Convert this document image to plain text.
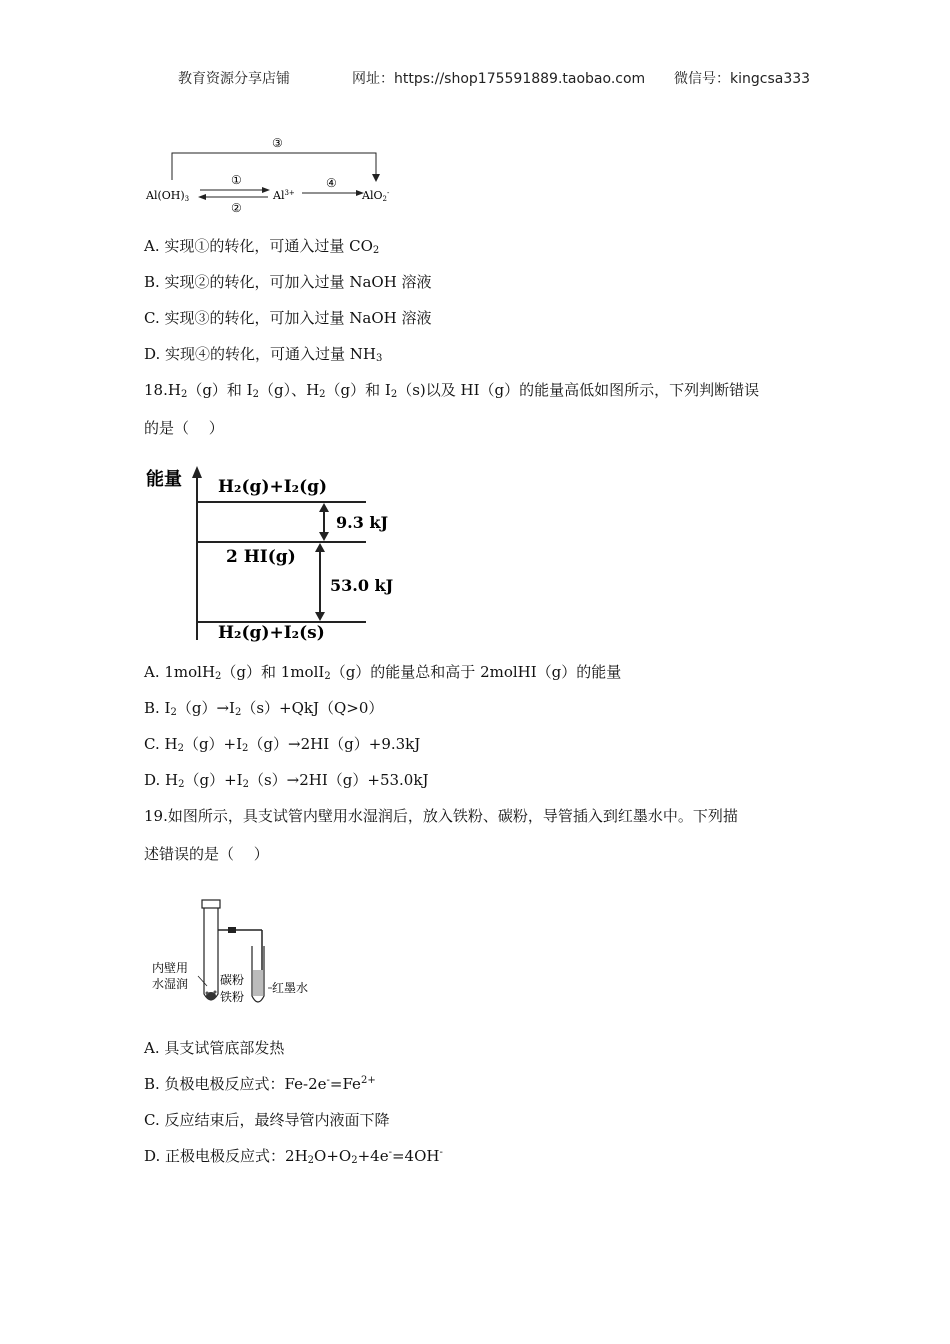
教育资源分享店铺	网址：https://shop175591889.taobao.com 微信号：kingcsa333
③
①
②
④
Al(OH)3	$Al^{3+}$	AlO2-
A. 实现①的转化，可通入过量 $CO_2$
B. 实现②的转化，可加入过量 NaOH 溶液
C. 实现③的转化，可加入过量 NaOH 溶液
D. 实现④的转化，可通入过量 $NH_3$
$18.H_2(g)$和 $I_2(g)$、$H_2(g)$和 $I_2(s)$以及 HI（g）的能量高低如图所示，下列判断错误
的是（　 ）
能量 H₂(g)+I₂(g)
2 HI(g)
H₂(g)+I₂(s)
9.3 kJ
53.0 kJ
A. 1molH$_2$（g）和 1molI$_2$（g）的能量总和高于 2molHI（g）的能量
B. $I_2(g)\to I_2(s)+QkJ(Q>0)$
C. $H_2(g)+I_2(g)\to 2HI(g)+9.3kJ$
D. $H_2(g)+I_2(s)\to 2HI(g)+53.0kJ$
19.如图所示，具支试管内壁用水湿润后，放入铁粉、碳粉，导管插入到红墨水中。下列描
述错误的是（　 ）
内壁用
水湿润	碳粉
铁粉
红墨水
A. 具支试管底部发热
B. 负极电极反应式：$Fe-2e^-=Fe^{2+}$
C. 反应结束后，最终导管内液面下降
D. 正极电极反应式：$2H_2O+O_2+4e^-=4OH^-$
